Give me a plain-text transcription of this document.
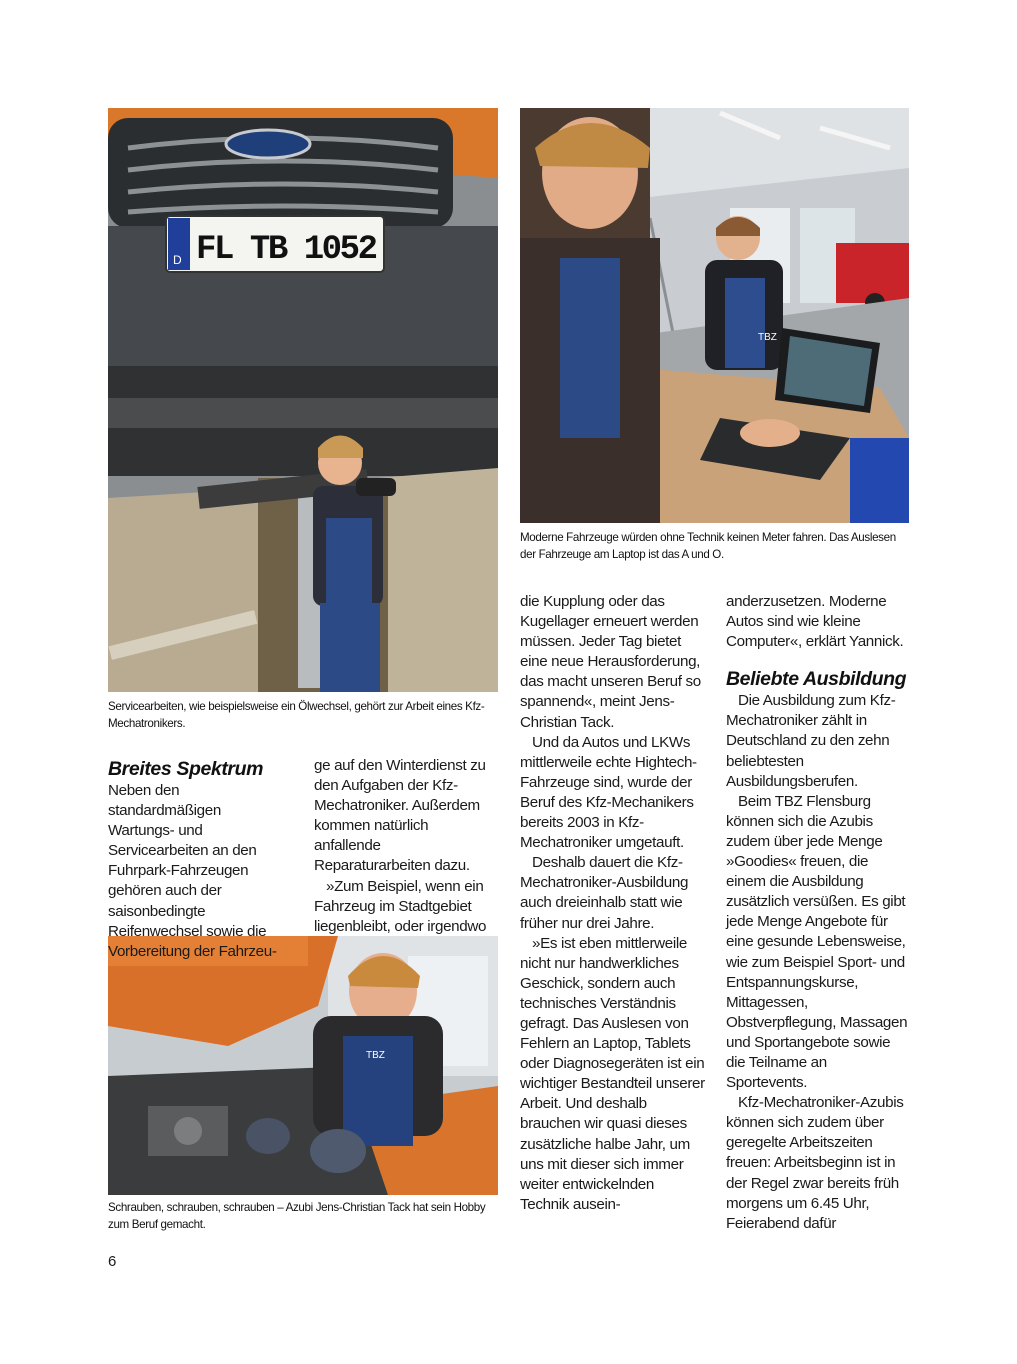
D FL TB 1052
Servicearbeiten, wie beispielsweise ein Ölwechsel, gehört zur Arbeit eines Kfz-Mechatronikers.
TBZ
Moderne Fahrzeuge würden ohne Technik keinen Meter fahren. Das Auslesen der Fahrzeuge am Laptop ist das A und O.
TBZ
Schrauben, schrauben, schrauben – Azubi Jens-Christian Tack hat sein Hobby zum Beruf gemacht.
Breites Spektrum

Neben den standardmäßigen Wartungs- und Servicearbeiten an den Fuhrpark-Fahrzeugen gehören auch der saisonbedingte Reifenwechsel sowie die Vorbereitung der Fahrzeu-

ge auf den Winterdienst zu den Aufgaben der Kfz-Mechatroniker. Außerdem kommen natürlich anfallende Reparaturarbeiten dazu.

»Zum Beispiel, wenn ein Fahrzeug im Stadtgebiet liegenbleibt, oder irgendwo

die Kupplung oder das Kugellager erneuert werden müssen. Jeder Tag bietet eine neue Herausforderung, das macht unseren Beruf so spannend«, meint Jens-Christian Tack.

Und da Autos und LKWs mittlerweile echte Hightech-Fahrzeuge sind, wurde der Beruf des Kfz-Mechanikers bereits 2003 in Kfz-Mechatroniker umgetauft.

Deshalb dauert die Kfz-Mechatroniker-Ausbildung auch dreieinhalb statt wie früher nur drei Jahre.

»Es ist eben mittlerweile nicht nur handwerkliches Geschick, sondern auch technisches Verständnis gefragt. Das Auslesen von Fehlern an Laptop, Tablets oder Diagnosegeräten ist ein wichtiger Bestandteil unserer Arbeit. Und deshalb brauchen wir quasi dieses zusätzliche halbe Jahr, um uns mit dieser sich immer weiter entwickelnden Technik ausein-

anderzusetzen. Moderne Autos sind wie kleine Computer«, erklärt Yannick.

Beliebte Ausbildung

Die Ausbildung zum Kfz-Mechatroniker zählt in Deutschland zu den zehn beliebtesten Ausbildungsberufen.

Beim TBZ Flensburg können sich die Azubis zudem über jede Menge »Goodies« freuen, die einem die Ausbildung zusätzlich versüßen. Es gibt jede Menge Angebote für eine gesunde Lebensweise, wie zum Beispiel Sport- und Entspannungskurse, Mittagessen, Obstverpflegung, Massagen und Sportangebote sowie die Teilname an Sportevents.

Kfz-Mechatroniker-Azubis können sich zudem über geregelte Arbeitszeiten freuen: Arbeitsbeginn ist in der Regel zwar bereits früh morgens um 6.45 Uhr, Feierabend dafür

6
